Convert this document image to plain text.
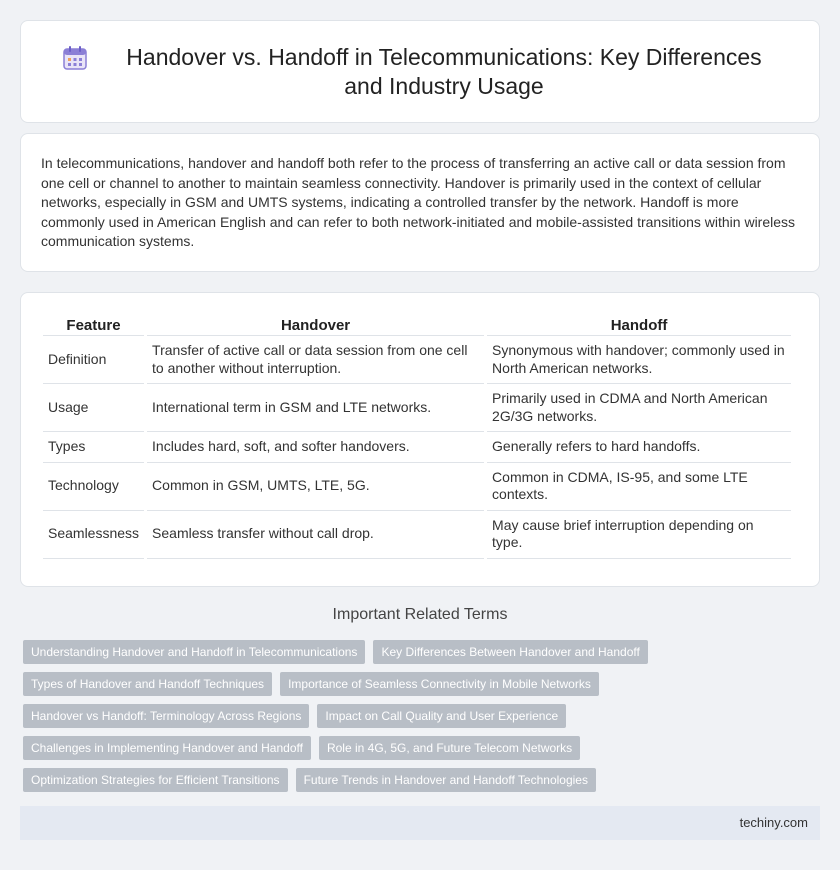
Handover vs. Handoff in Telecommunications: Key Differences and Industry Usage

In telecommunications, handover and handoff both refer to the process of transferring an active call or data session from one cell or channel to another to maintain seamless connectivity. Handover is primarily used in the context of cellular networks, especially in GSM and UMTS systems, indicating a controlled transfer by the network. Handoff is more commonly used in American English and can refer to both network-initiated and mobile-assisted transitions within wireless communication systems.

Feature	Handover	Handoff
Definition	Transfer of active call or data session from one cell to another without interruption.	Synonymous with handover; commonly used in North American networks.
Usage	International term in GSM and LTE networks.	Primarily used in CDMA and North American 2G/3G networks.
Types	Includes hard, soft, and softer handovers.	Generally refers to hard handoffs.
Technology	Common in GSM, UMTS, LTE, 5G.	Common in CDMA, IS-95, and some LTE contexts.
Seamlessness	Seamless transfer without call drop.	May cause brief interruption depending on type.
Important Related Terms
Understanding Handover and Handoff in Telecommunications	Key Differences Between Handover and Handoff
Types of Handover and Handoff Techniques	Importance of Seamless Connectivity in Mobile Networks
Handover vs Handoff: Terminology Across Regions	Impact on Call Quality and User Experience
Challenges in Implementing Handover and Handoff	Role in 4G, 5G, and Future Telecom Networks
Optimization Strategies for Efficient Transitions	Future Trends in Handover and Handoff Technologies
techiny.com
